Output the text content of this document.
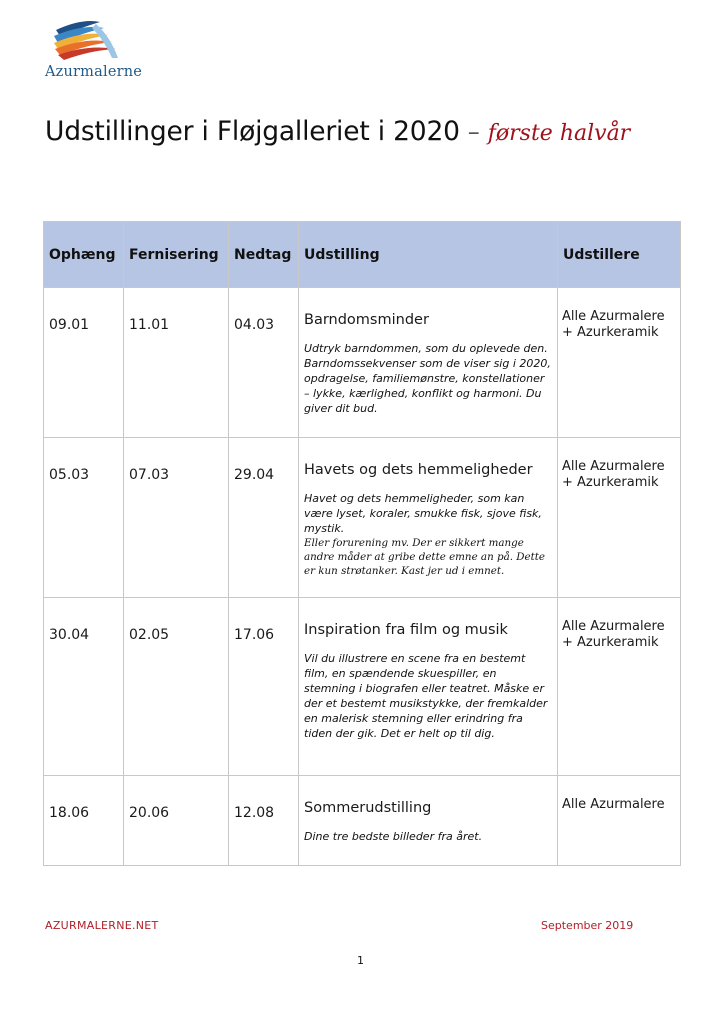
Azurmalerne
Udstillinger i Fløjgalleriet i 2020 – første halvår
Ophæng	Fernisering	Nedtag	Udstilling	Udstillere
09.01	11.01	04.03	Barndomsminder
Udtryk barndommen, som du oplevede den. Barndomssekvenser som de viser sig i 2020, opdragelse, familiemønstre, konstellationer – lykke, kærlighed, konflikt og harmoni. Du giver dit bud.	Alle Azurmalere + Azurkeramik
05.03	07.03	29.04	Havets og dets hemmeligheder
Havet og dets hemmeligheder, som kan være lyset, koraler, smukke fisk, sjove fisk, mystik.
Eller forurening mv. Der er sikkert mange andre måder at gribe dette emne an på. Dette er kun strøtanker. Kast jer ud i emnet.	Alle Azurmalere + Azurkeramik
30.04	02.05	17.06	Inspiration fra film og musik
Vil du illustrere en scene fra en bestemt film, en spændende skuespiller, en stemning i biografen eller teatret. Måske er der et bestemt musikstykke, der fremkalder en malerisk stemning eller erindring fra tiden der gik. Det er helt op til dig.	Alle Azurmalere + Azurkeramik
18.06	20.06	12.08	Sommerudstilling
Dine tre bedste billeder fra året.	Alle Azurmalere
AZURMALERNE.NET	September 2019
1
